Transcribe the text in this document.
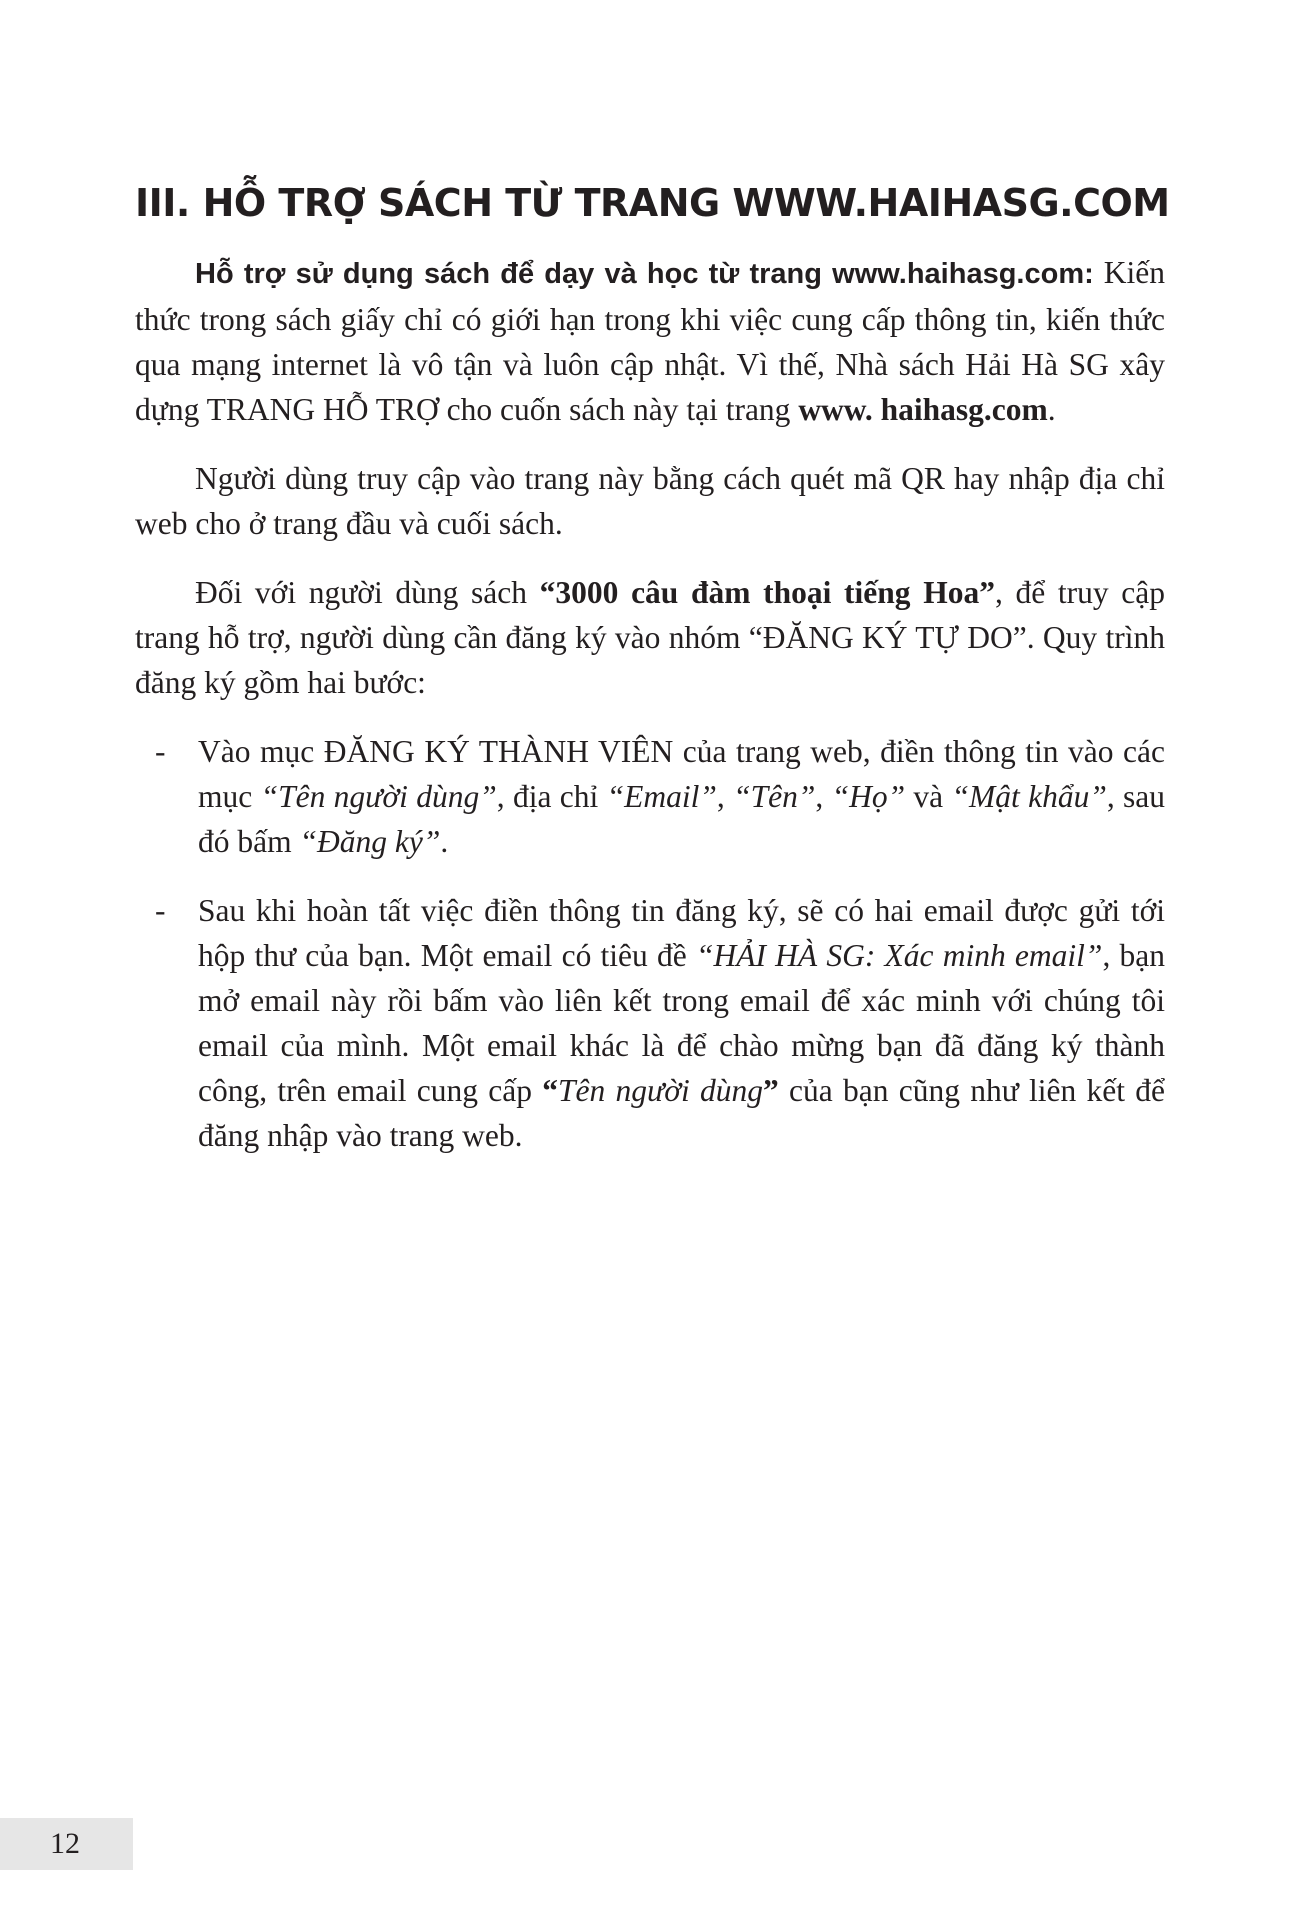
III. HỖ TRỢ SÁCH TỪ TRANG WWW.HAIHASG.COM

Hỗ trợ sử dụng sách để dạy và học từ trang www.haihasg.com: Kiến thức trong sách giấy chỉ có giới hạn trong khi việc cung cấp thông tin, kiến thức qua mạng internet là vô tận và luôn cập nhật. Vì thế, Nhà sách Hải Hà SG xây dựng TRANG HỖ TRỢ cho cuốn sách này tại trang www. haihasg.com.

Người dùng truy cập vào trang này bằng cách quét mã QR hay nhập địa chỉ web cho ở trang đầu và cuối sách.

Đối với người dùng sách “3000 câu đàm thoại tiếng Hoa”, để truy cập trang hỗ trợ, người dùng cần đăng ký vào nhóm “ĐĂNG KÝ TỰ DO”. Quy trình đăng ký gồm hai bước:

- Vào mục ĐĂNG KÝ THÀNH VIÊN của trang web, điền thông tin vào các mục “Tên người dùng”, địa chỉ “Email”, “Tên”, “Họ” và “Mật khẩu”, sau đó bấm “Đăng ký”.
- Sau khi hoàn tất việc điền thông tin đăng ký, sẽ có hai email được gửi tới hộp thư của bạn. Một email có tiêu đề “HẢI HÀ SG: Xác minh email”, bạn mở email này rồi bấm vào liên kết trong email để xác minh với chúng tôi email của mình. Một email khác là để chào mừng bạn đã đăng ký thành công, trên email cung cấp “Tên người dùng” của bạn cũng như liên kết để đăng nhập vào trang web.
12
